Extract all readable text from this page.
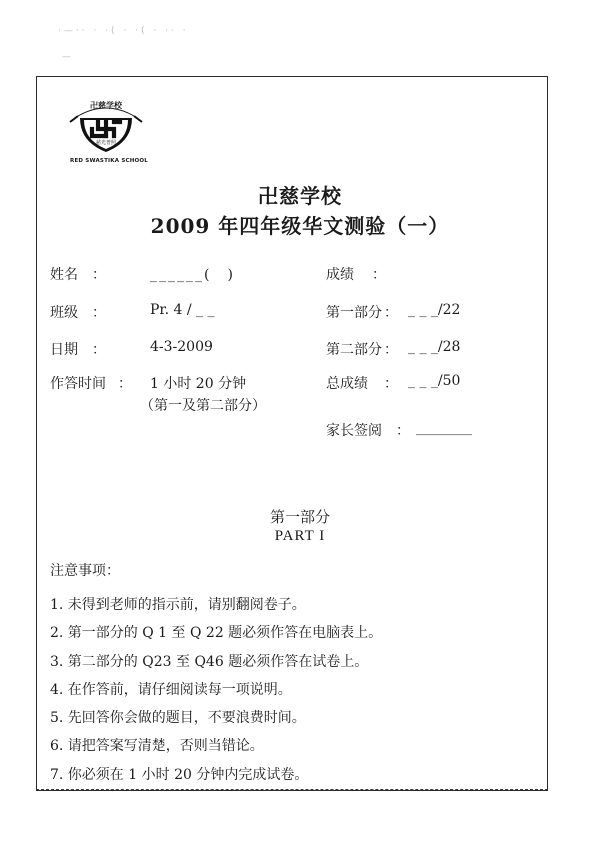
·—·· · ·( · ·( · ·· ·
—
卍慈学校
慈光普照
RED SWASTIKA SCHOOL
卍慈学校
2009 年四年级华文测验（一）
姓名 ：	______(　)
班级 ：	Pr. 4 / _ _
日期 ：	4-3-2009
作答时间 ： 1 小时 20 分钟
（第一及第二部分）
成绩 ：
第一部分 ： _ _ _/22
第二部分 ： _ _ _/28
总成绩 ： _ _ _/50
家长签阅 ： ________
第一部分
PART I
注意事项：
1. 未得到老师的指示前，请别翻阅卷子。
2. 第一部分的 Q 1 至 Q 22 题必须作答在电脑表上。
3. 第二部分的 Q23 至 Q46 题必须作答在试卷上。
4. 在作答前，请仔细阅读每一项说明。
5. 先回答你会做的题目，不要浪费时间。
6. 请把答案写清楚，否则当错论。
7. 你必须在 1 小时 20 分钟内完成试卷。
